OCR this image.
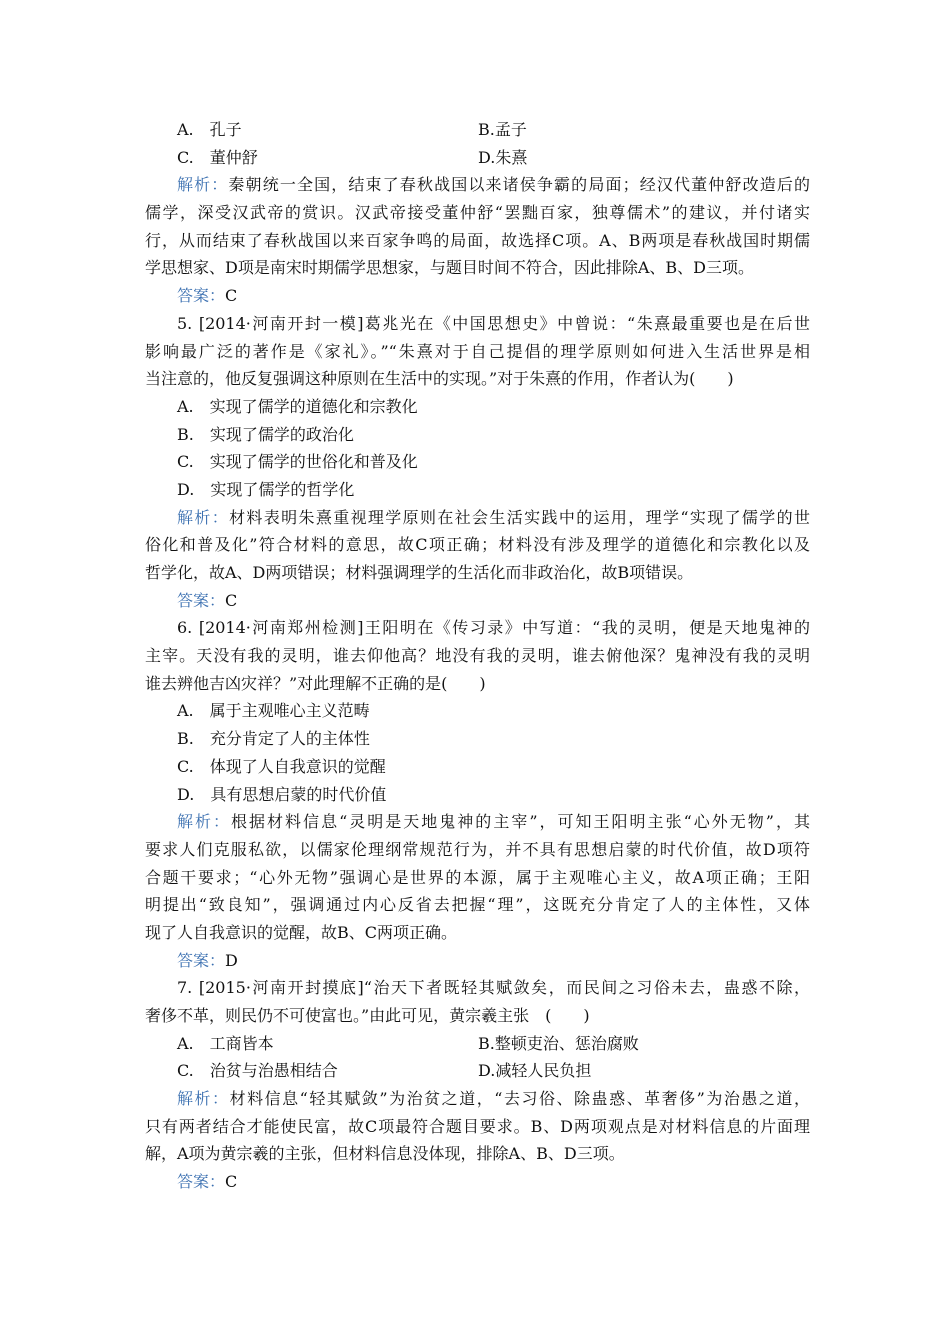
A.　孔子	B.孟子
C.　董仲舒	D.朱熹
解析：秦朝统一全国，结束了春秋战国以来诸侯争霸的局面；经汉代董仲舒改造后的
儒学，深受汉武帝的赏识。汉武帝接受董仲舒“罢黜百家，独尊儒术”的建议，并付诸实
行，从而结束了春秋战国以来百家争鸣的局面，故选择C项。A、B两项是春秋战国时期儒
学思想家、D项是南宋时期儒学思想家，与题目时间不符合，因此排除A、B、D三项。
答案：C
5. [2014·河南开封一模]葛兆光在《中国思想史》中曾说：“朱熹最重要也是在后世
影响最广泛的著作是《家礼》。”“朱熹对于自己提倡的理学原则如何进入生活世界是相
当注意的，他反复强调这种原则在生活中的实现。”对于朱熹的作用，作者认为(　　)
A.　实现了儒学的道德化和宗教化
B.　实现了儒学的政治化
C.　实现了儒学的世俗化和普及化
D.　实现了儒学的哲学化
解析：材料表明朱熹重视理学原则在社会生活实践中的运用，理学“实现了儒学的世
俗化和普及化”符合材料的意思，故C项正确；材料没有涉及理学的道德化和宗教化以及
哲学化，故A、D两项错误；材料强调理学的生活化而非政治化，故B项错误。
答案：C
6. [2014·河南郑州检测]王阳明在《传习录》中写道：“我的灵明，便是天地鬼神的
主宰。天没有我的灵明，谁去仰他高？地没有我的灵明，谁去俯他深？鬼神没有我的灵明
谁去辨他吉凶灾祥？”对此理解不正确的是(　　)
A.　属于主观唯心主义范畴
B.　充分肯定了人的主体性
C.　体现了人自我意识的觉醒
D.　具有思想启蒙的时代价值
解析：根据材料信息“灵明是天地鬼神的主宰”，可知王阳明主张“心外无物”，其
要求人们克服私欲，以儒家伦理纲常规范行为，并不具有思想启蒙的时代价值，故D项符
合题干要求；“心外无物”强调心是世界的本源，属于主观唯心主义，故A项正确；王阳
明提出“致良知”，强调通过内心反省去把握“理”，这既充分肯定了人的主体性，又体
现了人自我意识的觉醒，故B、C两项正确。
答案：D
7. [2015·河南开封摸底]“治天下者既轻其赋敛矣，而民间之习俗未去，蛊惑不除，
奢侈不革，则民仍不可使富也。”由此可见，黄宗羲主张　(　　)
A.　工商皆本	B.整顿吏治、惩治腐败
C.　治贫与治愚相结合	D.减轻人民负担
解析：材料信息“轻其赋敛”为治贫之道，“去习俗、除蛊惑、革奢侈”为治愚之道，
只有两者结合才能使民富，故C项最符合题目要求。B、D两项观点是对材料信息的片面理
解，A项为黄宗羲的主张，但材料信息没体现，排除A、B、D三项。
答案：C
